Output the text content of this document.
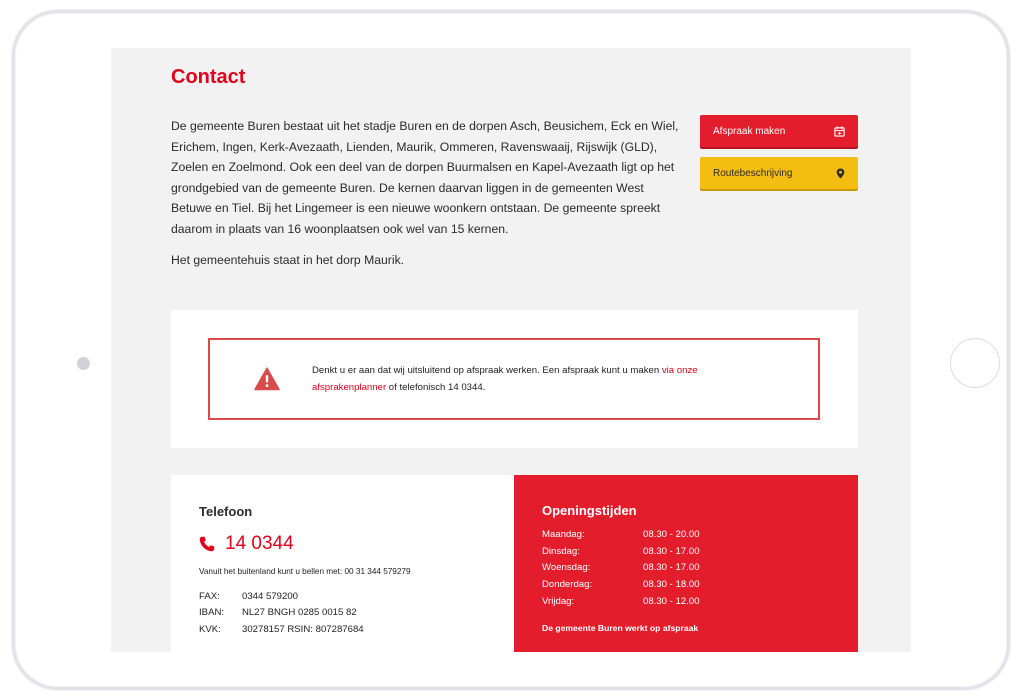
Contact

De gemeente Buren bestaat uit het stadje Buren en de dorpen Asch, Beusichem, Eck en Wiel, Erichem, Ingen, Kerk-Avezaath, Lienden, Maurik, Ommeren, Ravenswaaij, Rijswijk (GLD), Zoelen en Zoelmond. Ook een deel van de dorpen Buurmalsen en Kapel-Avezaath ligt op het grondgebied van de gemeente Buren. De kernen daarvan liggen in de gemeenten West Betuwe en Tiel. Bij het Lingemeer is een nieuwe woonkern ontstaan. De gemeente spreekt daarom in plaats van 16 woonplaatsen ook wel van 15 kernen.

Het gemeentehuis staat in het dorp Maurik.

Afspraak maken
Routebeschrijving

Denkt u er aan dat wij uitsluitend op afspraak werken. Een afspraak kunt u maken via onze afsprakenplanner of telefonisch 14 0344.

Telefoon
14 0344

Vanuit het buitenland kunt u bellen met: 00 31 344 579279

FAX:	0344 579200
IBAN:	NL27 BNGH 0285 0015 82
KVK:	30278157 RSIN: 807287684
Openingstijden
Maandag:	08.30 - 20.00
Dinsdag:	08.30 - 17.00
Woensdag:	08.30 - 17.00
Donderdag:	08.30 - 18.00
Vrijdag:	08.30 - 12.00

De gemeente Buren werkt op afspraak
